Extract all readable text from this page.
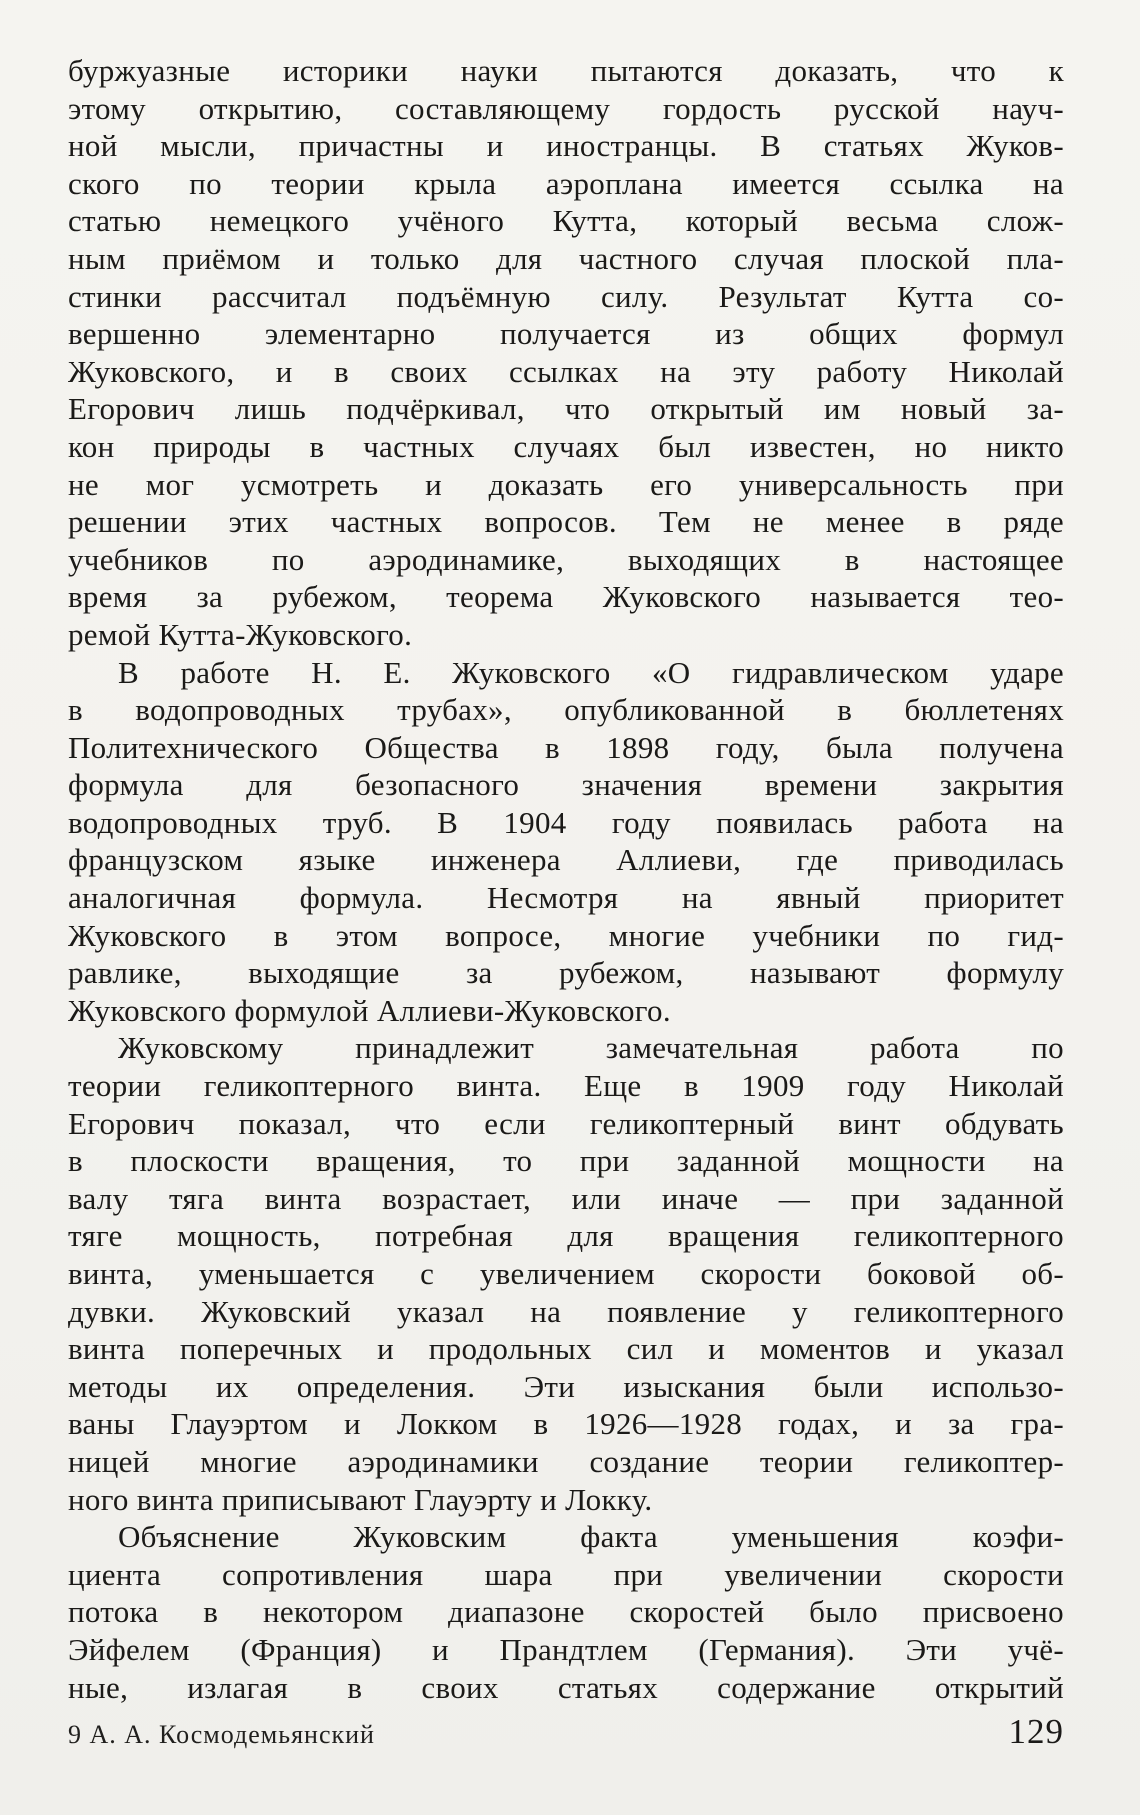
буржуазные историки науки пытаются доказать, что к
этому открытию, составляющему гордость русской науч-
ной мысли, причастны и иностранцы. В статьях Жуков-
ского по теории крыла аэроплана имеется ссылка на
статью немецкого учёного Кутта, который весьма слож-
ным приёмом и только для частного случая плоской пла-
стинки рассчитал подъёмную силу. Результат Кутта со-
вершенно элементарно получается из общих формул
Жуковского, и в своих ссылках на эту работу Николай
Егорович лишь подчёркивал, что открытый им новый за-
кон природы в частных случаях был известен, но никто
не мог усмотреть и доказать его универсальность при
решении этих частных вопросов. Тем не менее в ряде
учебников по аэродинамике, выходящих в настоящее
время за рубежом, теорема Жуковского называется тео-
ремой Кутта-Жуковского.
В работе Н. Е. Жуковского «О гидравлическом ударе
в водопроводных трубах», опубликованной в бюллетенях
Политехнического Общества в 1898 году, была получена
формула для безопасного значения времени закрытия
водопроводных труб. В 1904 году появилась работа на
французском языке инженера Аллиеви, где приводилась
аналогичная формула. Несмотря на явный приоритет
Жуковского в этом вопросе, многие учебники по гид-
равлике, выходящие за рубежом, называют формулу
Жуковского формулой Аллиеви-Жуковского.
Жуковскому принадлежит замечательная работа по
теории геликоптерного винта. Еще в 1909 году Николай
Егорович показал, что если геликоптерный винт обдувать
в плоскости вращения, то при заданной мощности на
валу тяга винта возрастает, или иначе — при заданной
тяге мощность, потребная для вращения геликоптерного
винта, уменьшается с увеличением скорости боковой об-
дувки. Жуковский указал на появление у геликоптерного
винта поперечных и продольных сил и моментов и указал
методы их определения. Эти изыскания были использо-
ваны Глауэртом и Локком в 1926—1928 годах, и за гра-
ницей многие аэродинамики создание теории геликоптер-
ного винта приписывают Глауэрту и Локку.
Объяснение Жуковским факта уменьшения коэфи-
циента сопротивления шара при увеличении скорости
потока в некотором диапазоне скоростей было присвоено
Эйфелем (Франция) и Прандтлем (Германия). Эти учё-
ные, излагая в своих статьях содержание открытий
9 А. А. Космодемьянский	129
